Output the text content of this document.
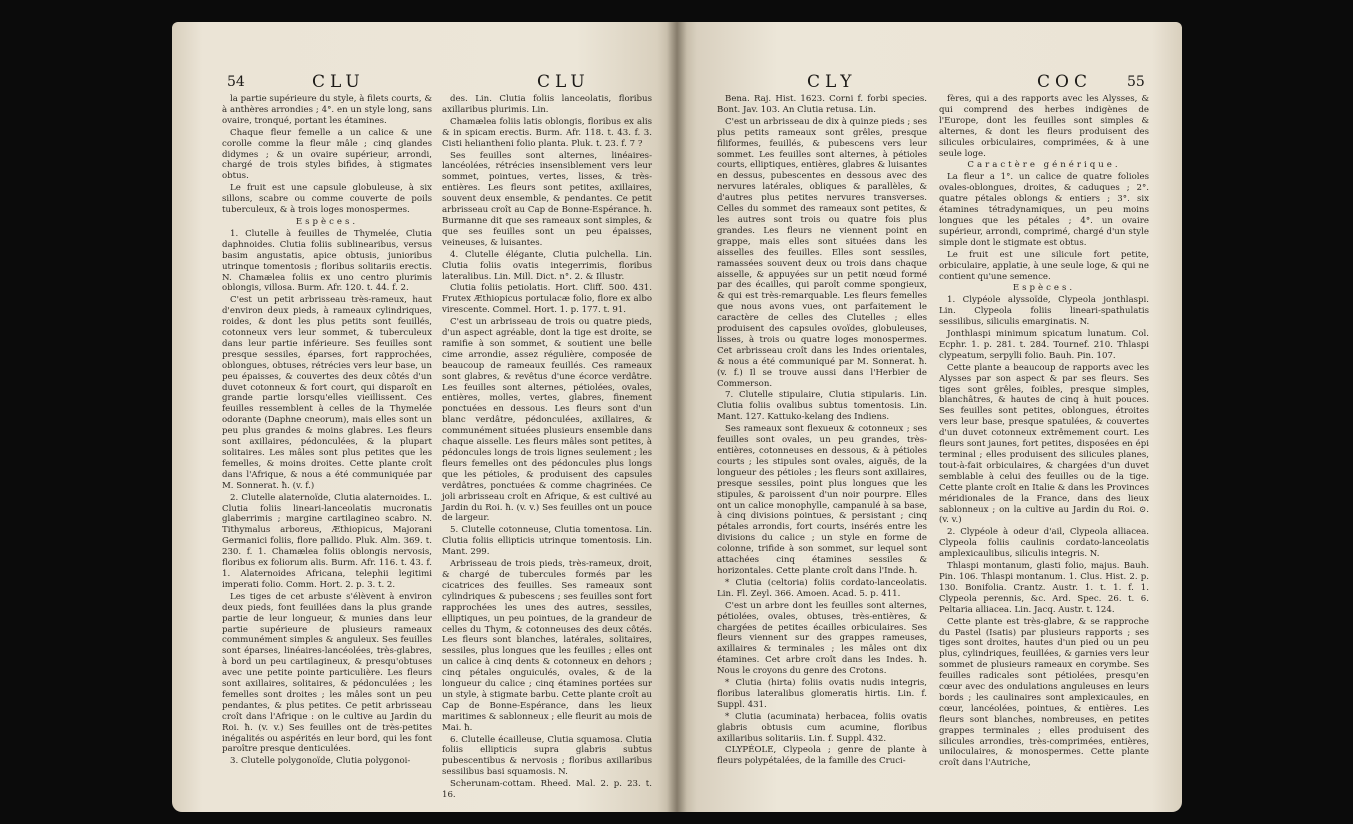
54	CLU	CLU

la partie supérieure du style, à filets courts, & à anthères arrondies ; 4°. en un style long, sans ovaire, tronqué, portant les étamines.

Chaque fleur femelle a un calice & une corolle comme la fleur mâle ; cinq glandes didymes ; & un ovaire supérieur, arrondi, chargé de trois styles bifides, à stigmates obtus.

Le fruit est une capsule globuleuse, à six sillons, scabre ou comme couverte de poils tuberculeux, & à trois loges monospermes.

Espèces.

1. Clutelle à feuilles de Thymelée, Clutia daphnoides. Clutia foliis sublinearibus, versus basim angustatis, apice obtusis, junioribus utrinque tomentosis ; floribus solitariis erectis. N. Chamælea foliis ex uno centro plurimis oblongis, villosa. Burm. Afr. 120. t. 44. f. 2.

C'est un petit arbrisseau très-rameux, haut d'environ deux pieds, à rameaux cylindriques, roides, & dont les plus petits sont feuillés, cotonneux vers leur sommet, & tuberculeux dans leur partie inférieure. Ses feuilles sont presque sessiles, éparses, fort rapprochées, oblongues, obtuses, rétrécies vers leur base, un peu épaisses, & couvertes des deux côtés d'un duvet cotonneux & fort court, qui disparoît en grande partie lorsqu'elles vieillissent. Ces feuilles ressemblent à celles de la Thymelée odorante (Daphne cneorum), mais elles sont un peu plus grandes & moins glabres. Les fleurs sont axillaires, pédonculées, & la plupart solitaires. Les mâles sont plus petites que les femelles, & moins droites. Cette plante croît dans l'Afrique, & nous a été communiquée par M. Sonnerat. ħ. (v. f.)

2. Clutelle alaternoïde, Clutia alaternoides. L. Clutia foliis lineari-lanceolatis mucronatis glaberrimis ; margine cartilagineo scabro. N. Tithymalus arboreus, Æthiopicus, Majorani Germanici foliis, flore pallido. Pluk. Alm. 369. t. 230. f. 1. Chamælea foliis oblongis nervosis, floribus ex foliorum alis. Burm. Afr. 116. t. 43. f. 1. Alaternoides Africana, telephii legitimi imperati folio. Comm. Hort. 2. p. 3. t. 2.

Les tiges de cet arbuste s'élèvent à environ deux pieds, font feuillées dans la plus grande partie de leur longueur, & munies dans leur partie supérieure de plusieurs rameaux communément simples & anguleux. Ses feuilles sont éparses, linéaires-lancéolées, très-glabres, à bord un peu cartilagineux, & presqu'obtuses avec une petite pointe particulière. Les fleurs sont axillaires, solitaires, & pédonculées ; les femelles sont droites ; les mâles sont un peu pendantes, & plus petites. Ce petit arbrisseau croît dans l'Afrique : on le cultive au Jardin du Roi. ħ. (v. v.) Ses feuilles ont de très-petites inégalités ou aspérités en leur bord, qui les font paroître presque denticulées.

3. Clutelle polygonoïde, Clutia polygonoi-

des. Lin. Clutia foliis lanceolatis, floribus axillaribus plurimis. Lin.

Chamælea foliis latis oblongis, floribus ex alis & in spicam erectis. Burm. Afr. 118. t. 43. f. 3. Cisti heliantheni folio planta. Pluk. t. 23. f. 7 ?

Ses feuilles sont alternes, linéaires-lancéolées, rétrécies insensiblement vers leur sommet, pointues, vertes, lisses, & très-entières. Les fleurs sont petites, axillaires, souvent deux ensemble, & pendantes. Ce petit arbrisseau croît au Cap de Bonne-Espérance. ħ. Burmanne dit que ses rameaux sont simples, & que ses feuilles sont un peu épaisses, veineuses, & luisantes.

4. Clutelle élégante, Clutia pulchella. Lin. Clutia foliis ovatis integerrimis, floribus lateralibus. Lin. Mill. Dict. n°. 2. & Illustr.

Clutia foliis petiolatis. Hort. Cliff. 500. 431. Frutex Æthiopicus portulacæ folio, flore ex albo virescente. Commel. Hort. 1. p. 177. t. 91.

C'est un arbrisseau de trois ou quatre pieds, d'un aspect agréable, dont la tige est droite, se ramifie à son sommet, & soutient une belle cime arrondie, assez régulière, composée de beaucoup de rameaux feuillés. Ces rameaux sont glabres, & revêtus d'une écorce verdâtre. Les feuilles sont alternes, pétiolées, ovales, entières, molles, vertes, glabres, finement ponctuées en dessous. Les fleurs sont d'un blanc verdâtre, pédonculées, axillaires, & communément situées plusieurs ensemble dans chaque aisselle. Les fleurs mâles sont petites, à pédoncules longs de trois lignes seulement ; les fleurs femelles ont des pédoncules plus longs que les pétioles, & produisent des capsules verdâtres, ponctuées & comme chagrinées. Ce joli arbrisseau croît en Afrique, & est cultivé au Jardin du Roi. ħ. (v. v.) Ses feuilles ont un pouce de largeur.

5. Clutelle cotonneuse, Clutia tomentosa. Lin. Clutia foliis ellipticis utrinque tomentosis. Lin. Mant. 299.

Arbrisseau de trois pieds, très-rameux, droit, & chargé de tubercules formés par les cicatrices des feuilles. Ses rameaux sont cylindriques & pubescens ; ses feuilles sont fort rapprochées les unes des autres, sessiles, elliptiques, un peu pointues, de la grandeur de celles du Thym, & cotonneuses des deux côtés. Les fleurs sont blanches, latérales, solitaires, sessiles, plus longues que les feuilles ; elles ont un calice à cinq dents & cotonneux en dehors ; cinq pétales onguiculés, ovales, & de la longueur du calice ; cinq étamines portées sur un style, à stigmate barbu. Cette plante croît au Cap de Bonne-Espérance, dans les lieux maritimes & sablonneux ; elle fleurit au mois de Mai. ħ.

6. Clutelle écailleuse, Clutia squamosa. Clutia foliis ellipticis supra glabris subtus pubescentibus & nervosis ; floribus axillaribus sessilibus basi squamosis. N.

Scherunam-cottam. Rheed. Mal. 2. p. 23. t. 16.

CLY	COC	55

Bena. Raj. Hist. 1623. Corni f. forbi species. Bont. Jav. 103. An Clutia retusa. Lin.

C'est un arbrisseau de dix à quinze pieds ; ses plus petits rameaux sont grêles, presque filiformes, feuillés, & pubescens vers leur sommet. Les feuilles sont alternes, à pétioles courts, elliptiques, entières, glabres & luisantes en dessus, pubescentes en dessous avec des nervures latérales, obliques & parallèles, & d'autres plus petites nervures transverses. Celles du sommet des rameaux sont petites, & les autres sont trois ou quatre fois plus grandes. Les fleurs ne viennent point en grappe, mais elles sont situées dans les aisselles des feuilles. Elles sont sessiles, ramassées souvent deux ou trois dans chaque aisselle, & appuyées sur un petit nœud formé par des écailles, qui paroît comme spongieux, & qui est très-remarquable. Les fleurs femelles que nous avons vues, ont parfaitement le caractère de celles des Clutelles ; elles produisent des capsules ovoïdes, globuleuses, lisses, à trois ou quatre loges monospermes. Cet arbrisseau croît dans les Indes orientales, & nous a été communiqué par M. Sonnerat. ħ. (v. f.) Il se trouve aussi dans l'Herbier de Commerson.

7. Clutelle stipulaire, Clutia stipularis. Lin. Clutia foliis ovalibus subtus tomentosis. Lin. Mant. 127. Kattuko-kelang des Indiens.

Ses rameaux sont flexueux & cotonneux ; ses feuilles sont ovales, un peu grandes, très-entières, cotonneuses en dessous, & à pétioles courts ; les stipules sont ovales, aiguës, de la longueur des pétioles ; les fleurs sont axillaires, presque sessiles, point plus longues que les stipules, & paroissent d'un noir pourpre. Elles ont un calice monophylle, campanulé à sa base, à cinq divisions pointues, & persistant ; cinq pétales arrondis, fort courts, insérés entre les divisions du calice ; un style en forme de colonne, trifide à son sommet, sur lequel sont attachées cinq étamines sessiles & horizontales. Cette plante croît dans l'Inde. ħ.

* Clutia (celtoria) foliis cordato-lanceolatis. Lin. Fl. Zeyl. 366. Amoen. Acad. 5. p. 411.

C'est un arbre dont les feuilles sont alternes, pétiolées, ovales, obtuses, très-entières, & chargées de petites écailles orbiculaires. Ses fleurs viennent sur des grappes rameuses, axillaires & terminales ; les mâles ont dix étamines. Cet arbre croît dans les Indes. ħ. Nous le croyons du genre des Crotons.

* Clutia (hirta) foliis ovatis nudis integris, floribus lateralibus glomeratis hirtis. Lin. f. Suppl. 431.

* Clutia (acuminata) herbacea, foliis ovatis glabris obtusis cum acumine, floribus axillaribus solitariis. Lin. f. Suppl. 432.

CLYPÉOLE, Clypeola ; genre de plante à fleurs polypétalées, de la famille des Cruci-

fères, qui a des rapports avec les Alysses, & qui comprend des herbes indigènes de l'Europe, dont les feuilles sont simples & alternes, & dont les fleurs produisent des silicules orbiculaires, comprimées, & à une seule loge.

Caractère générique.

La fleur a 1°. un calice de quatre folioles ovales-oblongues, droites, & caduques ; 2°. quatre pétales oblongs & entiers ; 3°. six étamines tétradynamiques, un peu moins longues que les pétales ; 4°. un ovaire supérieur, arrondi, comprimé, chargé d'un style simple dont le stigmate est obtus.

Le fruit est une silicule fort petite, orbiculaire, applatie, à une seule loge, & qui ne contient qu'une semence.

Espèces.

1. Clypéole alyssoïde, Clypeola jonthlaspi. Lin. Clypeola foliis lineari-spathulatis sessilibus, siliculis emarginatis. N.

Jonthlaspi minimum spicatum lunatum. Col. Ecphr. 1. p. 281. t. 284. Tournef. 210. Thlaspi clypeatum, serpylli folio. Bauh. Pin. 107.

Cette plante a beaucoup de rapports avec les Alysses par son aspect & par ses fleurs. Ses tiges sont grêles, foibles, presque simples, blanchâtres, & hautes de cinq à huit pouces. Ses feuilles sont petites, oblongues, étroites vers leur base, presque spatulées, & couvertes d'un duvet cotonneux extrêmement court. Les fleurs sont jaunes, fort petites, disposées en épi terminal ; elles produisent des silicules planes, tout-à-fait orbiculaires, & chargées d'un duvet semblable à celui des feuilles ou de la tige. Cette plante croît en Italie & dans les Provinces méridionales de la France, dans des lieux sablonneux ; on la cultive au Jardin du Roi. ⊙. (v. v.)

2. Clypéole à odeur d'ail, Clypeola alliacea. Clypeola foliis caulinis cordato-lanceolatis amplexicaulibus, siliculis integris. N.

Thlaspi montanum, glasti folio, majus. Bauh. Pin. 106. Thlaspi montanum. 1. Clus. Hist. 2. p. 130. Bonifolia. Crantz. Austr. 1. t. 1. f. 1. Clypeola perennis, &c. Ard. Spec. 26. t. 6. Peltaria alliacea. Lin. Jacq. Austr. t. 124.

Cette plante est très-glabre, & se rapproche du Pastel (Isatis) par plusieurs rapports ; ses tiges sont droites, hautes d'un pied ou un peu plus, cylindriques, feuillées, & garnies vers leur sommet de plusieurs rameaux en corymbe. Ses feuilles radicales sont pétiolées, presqu'en cœur avec des ondulations anguleuses en leurs bords ; les caulinaires sont amplexicaules, en cœur, lancéolées, pointues, & entières. Les fleurs sont blanches, nombreuses, en petites grappes terminales ; elles produisent des silicules arrondies, très-comprimées, entières, uniloculaires, & monospermes. Cette plante croît dans l'Autriche,
